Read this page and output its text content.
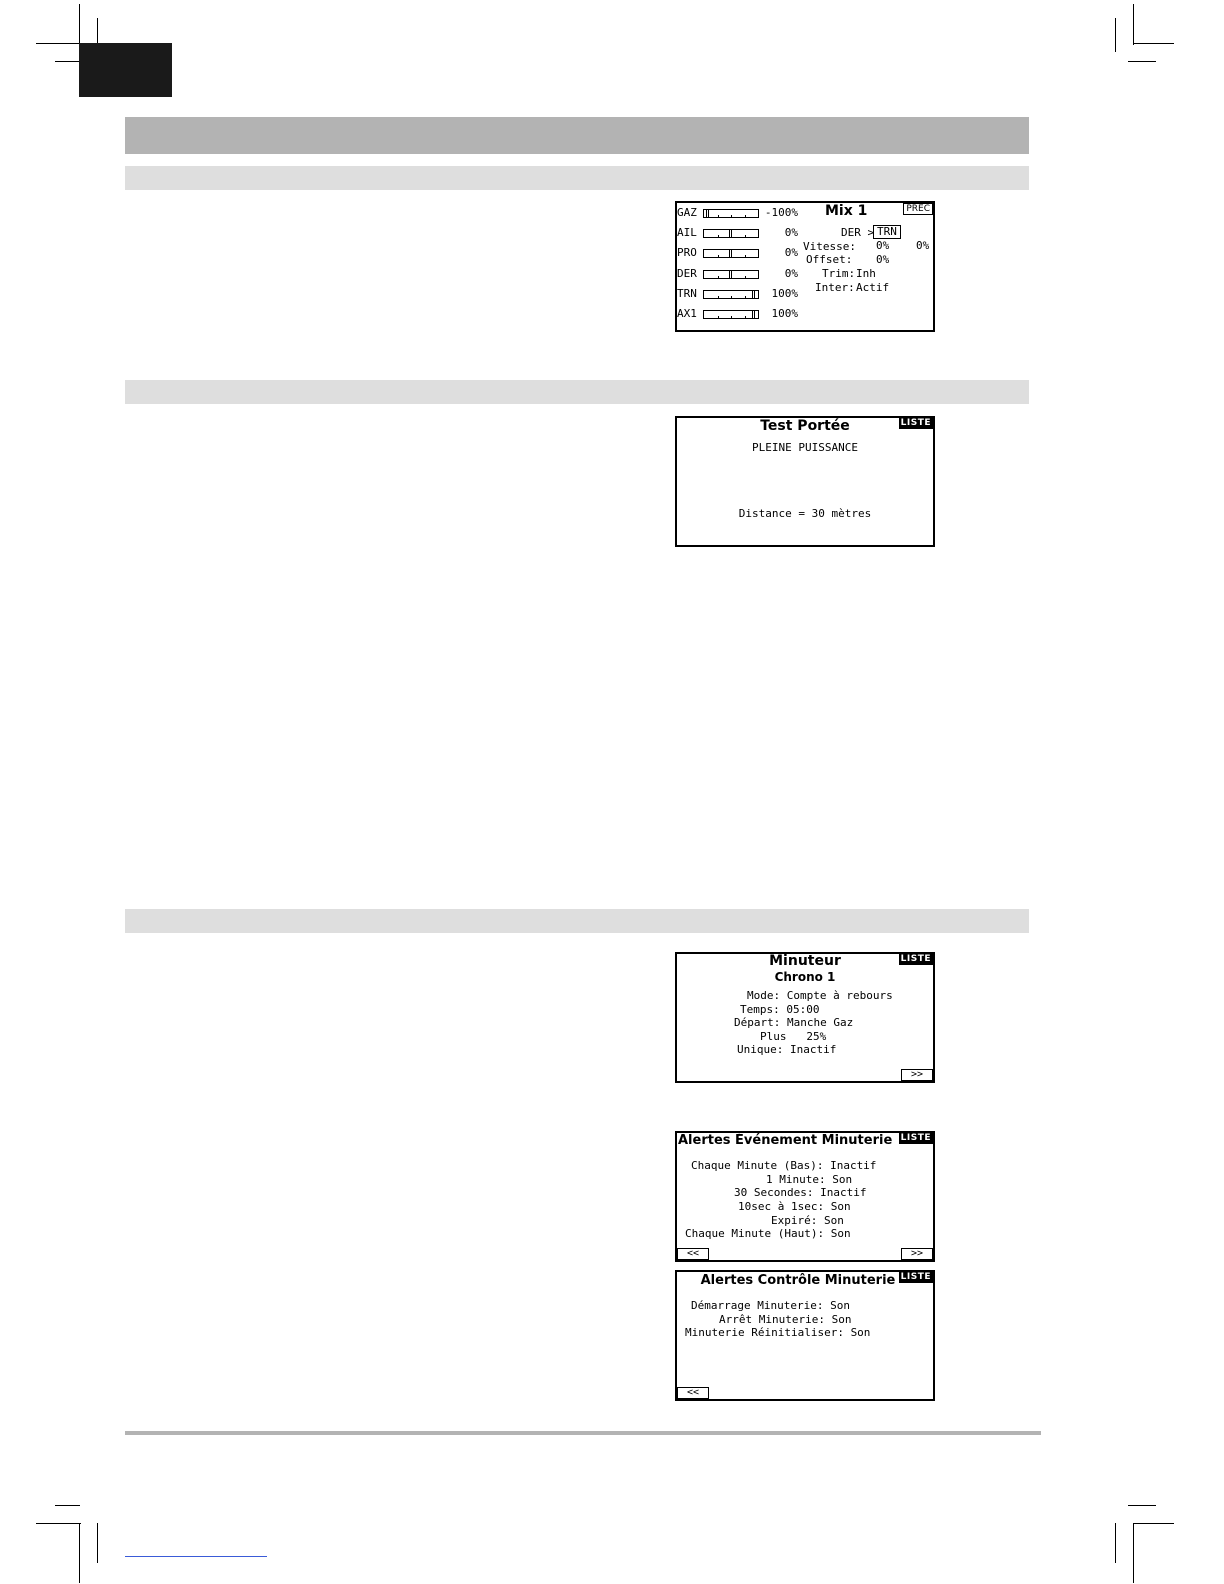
PREC
GAZ	-100%
AIL	0%
PRO	0%
DER	0%
TRN	100%
AX1	100%
Mix 1
DER > TRN
Vitesse: 0% 0%
Offset: 0%
Trim: Inh
Inter: Actif
LISTE
Test Portée
PLEINE PUISSANCE
Distance = 30 mètres
LISTE
Minuteur
Chrono 1
Mode: Compte à rebours
Temps: 05:00
Départ: Manche Gaz
Plus   25%
Unique: Inactif
>>
LISTE
Alertes Événement Minuterie
Chaque Minute (Bas): Inactif
1 Minute: Son
30 Secondes: Inactif
10sec à 1sec: Son
Expiré: Son
Chaque Minute (Haut): Son
<<	>>
LISTE
Alertes Contrôle Minuterie
Démarrage Minuterie: Son
Arrêt Minuterie: Son
Minuterie Réinitialiser: Son
<<
